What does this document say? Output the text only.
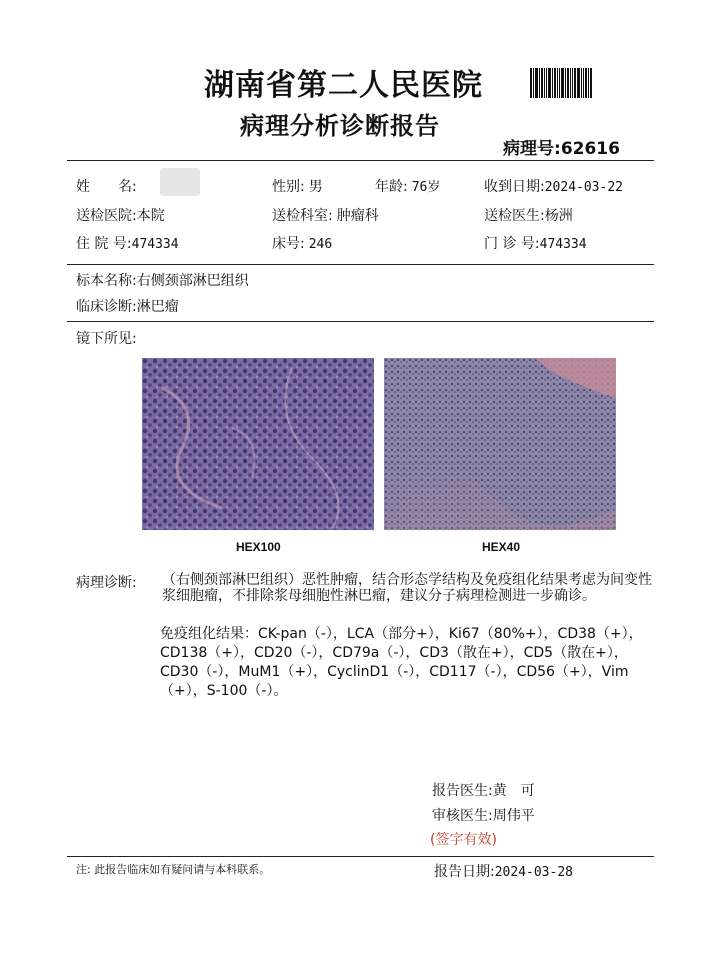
湖南省第二人民医院
病理分析诊断报告
病理号:62616
姓　　名:	性别: 男	年龄: 76岁	收到日期:2024-03-22
送检医院:本院	送检科室: 肿瘤科	送检医生:杨洲
住 院 号:474334	床号: 246	门 诊 号:474334
标本名称:右侧颈部淋巴组织
临床诊断:淋巴瘤
镜下所见:
HEX100	HEX40
病理诊断: （右侧颈部淋巴组织）恶性肿瘤，结合形态学结构及免疫组化结果考虑为间变性浆细胞瘤，不排除浆母细胞性淋巴瘤，建议分子病理检测进一步确诊。
免疫组化结果：CK-pan（-），LCA（部分+），Ki67（80%+），CD38（+），CD138（+），CD20（-），CD79a（-），CD3（散在+），CD5（散在+），CD30（-），MuM1（+），CyclinD1（-），CD117（-），CD56（+），Vim（+），S-100（-）。
报告医生:黄　可
审核医生:周伟平
(签字有效)
注: 此报告临床如有疑问请与本科联系。	报告日期:2024-03-28
